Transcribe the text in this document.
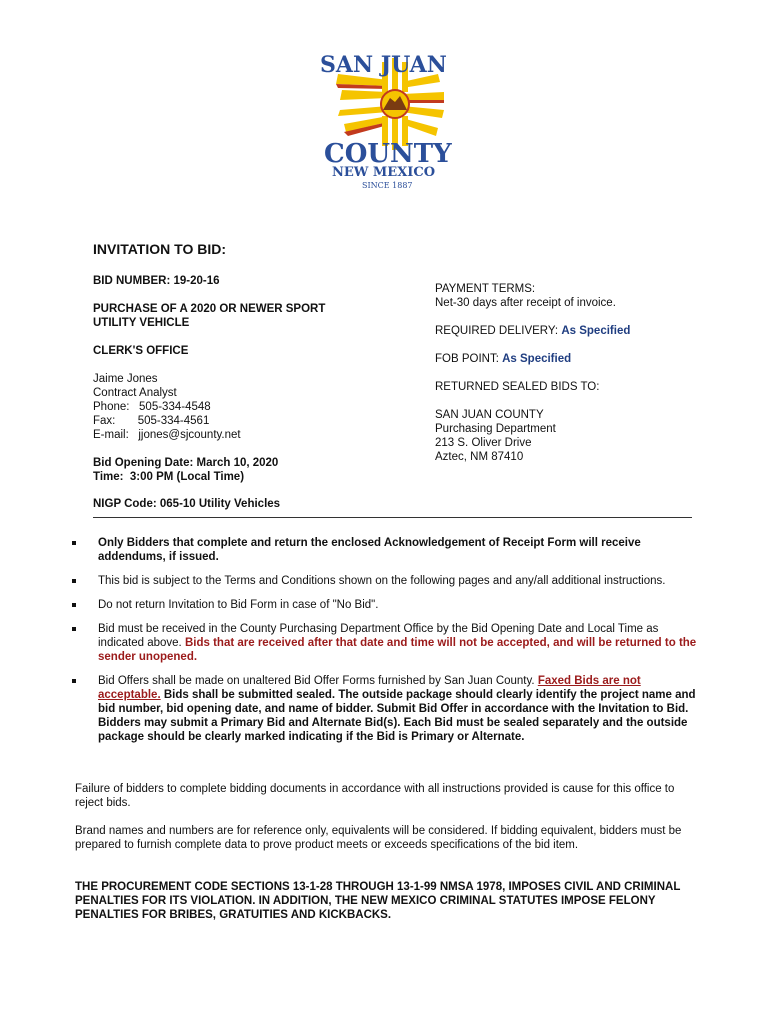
SAN JUAN
COUNTY
NEW MEXICO
SINCE 1887
INVITATION TO BID:
BID NUMBER: 19-20-16
PURCHASE OF A 2020 OR NEWER SPORT
UTILITY VEHICLE
CLERK'S OFFICE
Jaime Jones
Contract Analyst
Phone:   505-334-4548
Fax:       505-334-4561
E-mail:   jjones@sjcounty.net
Bid Opening Date: March 10, 2020
Time:  3:00 PM (Local Time)
PAYMENT TERMS:
Net-30 days after receipt of invoice.
REQUIRED DELIVERY: As Specified
FOB POINT: As Specified
RETURNED SEALED BIDS TO:
SAN JUAN COUNTY
Purchasing Department
213 S. Oliver Drive
Aztec, NM 87410
NIGP Code: 065-10 Utility Vehicles
Only Bidders that complete and return the enclosed Acknowledgement of Receipt Form will receive addendums, if issued.
This bid is subject to the Terms and Conditions shown on the following pages and any/all additional instructions.
Do not return Invitation to Bid Form in case of "No Bid".
Bid must be received in the County Purchasing Department Office by the Bid Opening Date and Local Time as indicated above. Bids that are received after that date and time will not be accepted, and will be returned to the sender unopened.
Bid Offers shall be made on unaltered Bid Offer Forms furnished by San Juan County. Faxed Bids are not acceptable. Bids shall be submitted sealed. The outside package should clearly identify the project name and bid number, bid opening date, and name of bidder. Submit Bid Offer in accordance with the Invitation to Bid. Bidders may submit a Primary Bid and Alternate Bid(s). Each Bid must be sealed separately and the outside package should be clearly marked indicating if the Bid is Primary or Alternate.
Failure of bidders to complete bidding documents in accordance with all instructions provided is cause for this office to reject bids.
Brand names and numbers are for reference only, equivalents will be considered. If bidding equivalent, bidders must be prepared to furnish complete data to prove product meets or exceeds specifications of the bid item.
THE PROCUREMENT CODE SECTIONS 13-1-28 THROUGH 13-1-99 NMSA 1978, IMPOSES CIVIL AND CRIMINAL PENALTIES FOR ITS VIOLATION. IN ADDITION, THE NEW MEXICO CRIMINAL STATUTES IMPOSE FELONY PENALTIES FOR BRIBES, GRATUITIES AND KICKBACKS.
